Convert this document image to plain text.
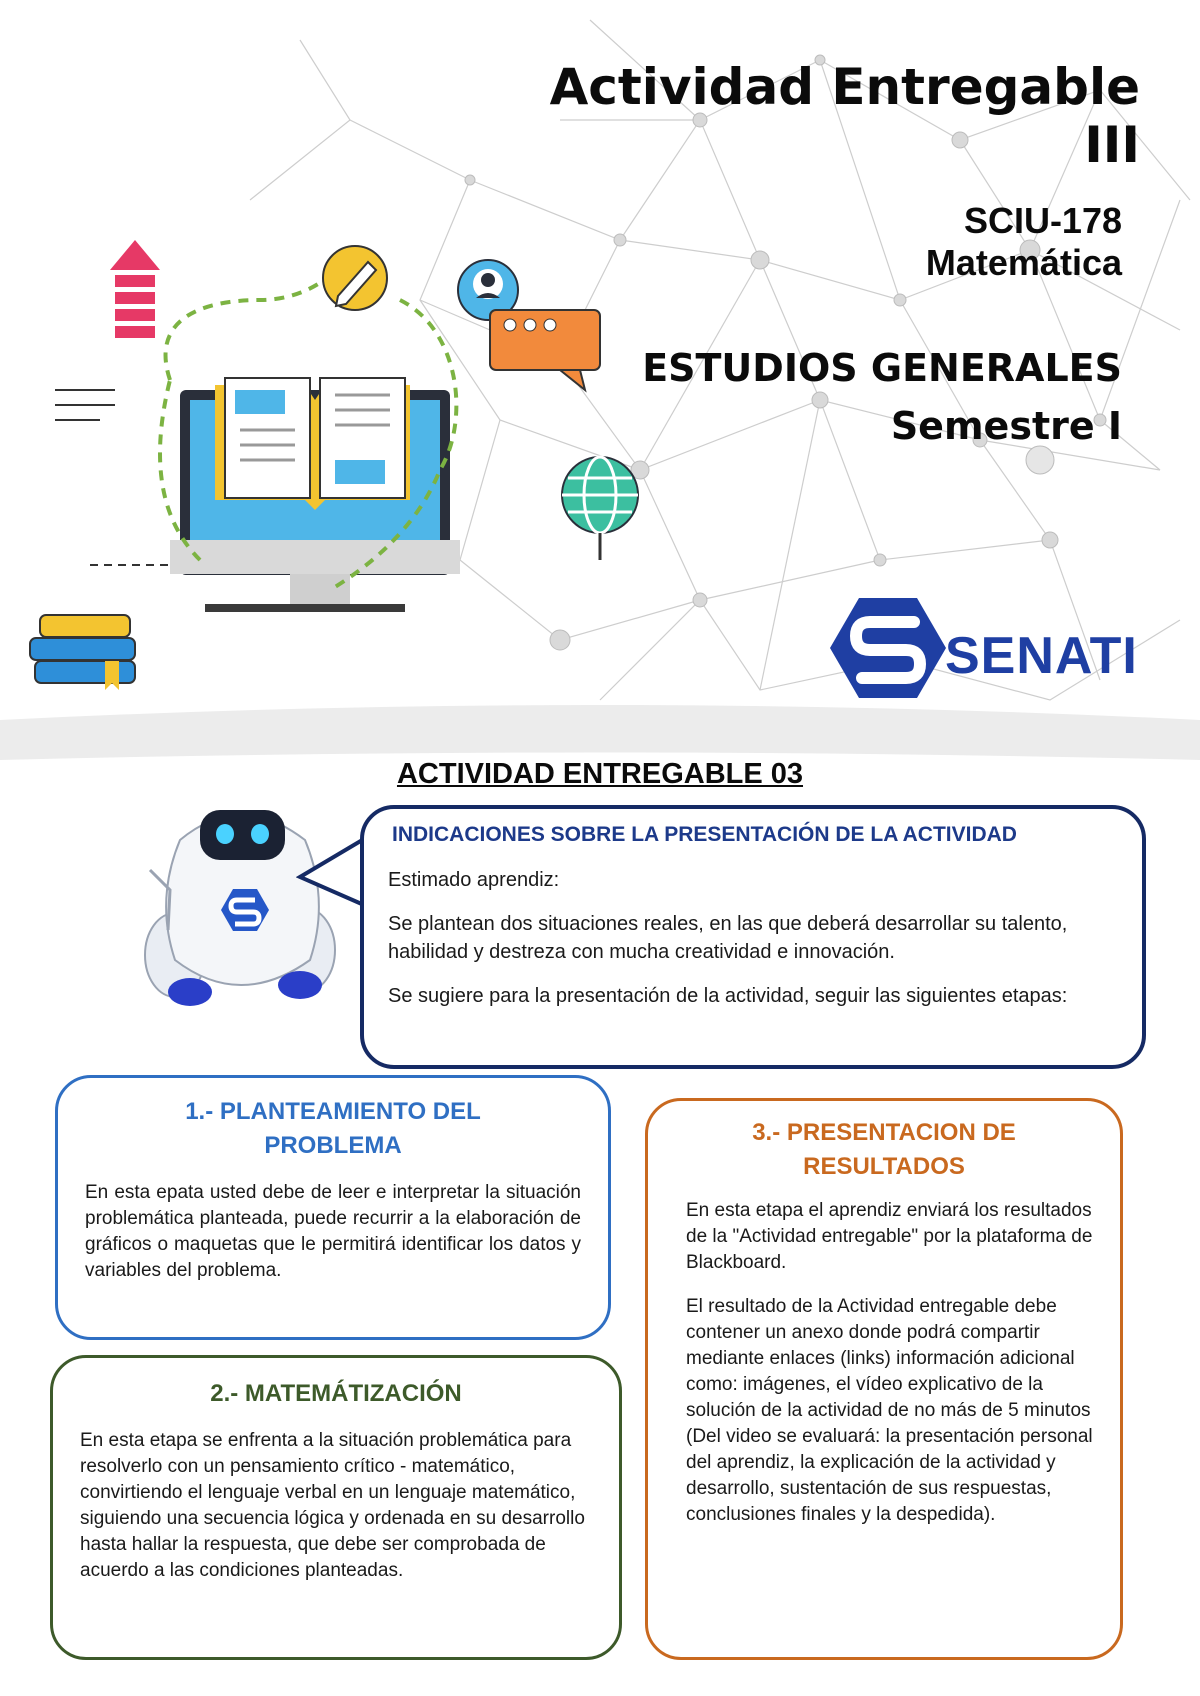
Actividad Entregable III
SCIU-178
Matemática
ESTUDIOS GENERALES
Semestre I
SENATI
ACTIVIDAD ENTREGABLE 03
INDICACIONES SOBRE LA PRESENTACIÓN DE LA ACTIVIDAD
Estimado aprendiz:
Se plantean dos situaciones reales, en las que deberá desarrollar su talento, habilidad y destreza con mucha creatividad e innovación.
Se sugiere para la presentación de la actividad, seguir las siguientes etapas:
1.- PLANTEAMIENTO DEL PROBLEMA
En esta epata usted debe de leer e interpretar la situación problemática planteada, puede recurrir a la elaboración de gráficos o maquetas que le permitirá identificar los datos y variables del problema.
2.- MATEMÁTIZACIÓN
En esta etapa se enfrenta a la situación problemática para resolverlo con un pensamiento crítico - matemático, convirtiendo el lenguaje verbal en un lenguaje matemático, siguiendo una secuencia lógica y ordenada en su desarrollo hasta hallar la respuesta, que debe ser comprobada de acuerdo a las condiciones planteadas.
3.- PRESENTACION DE RESULTADOS
En esta etapa el aprendiz enviará los resultados de la "Actividad entregable" por la plataforma de Blackboard.
El resultado de la Actividad entregable debe contener un anexo donde podrá compartir mediante enlaces (links) información adicional como: imágenes, el vídeo explicativo de la solución de la actividad de no más de 5 minutos (Del video se evaluará: la presentación personal del aprendiz, la explicación de la actividad y desarrollo, sustentación de sus respuestas, conclusiones finales y la despedida).
